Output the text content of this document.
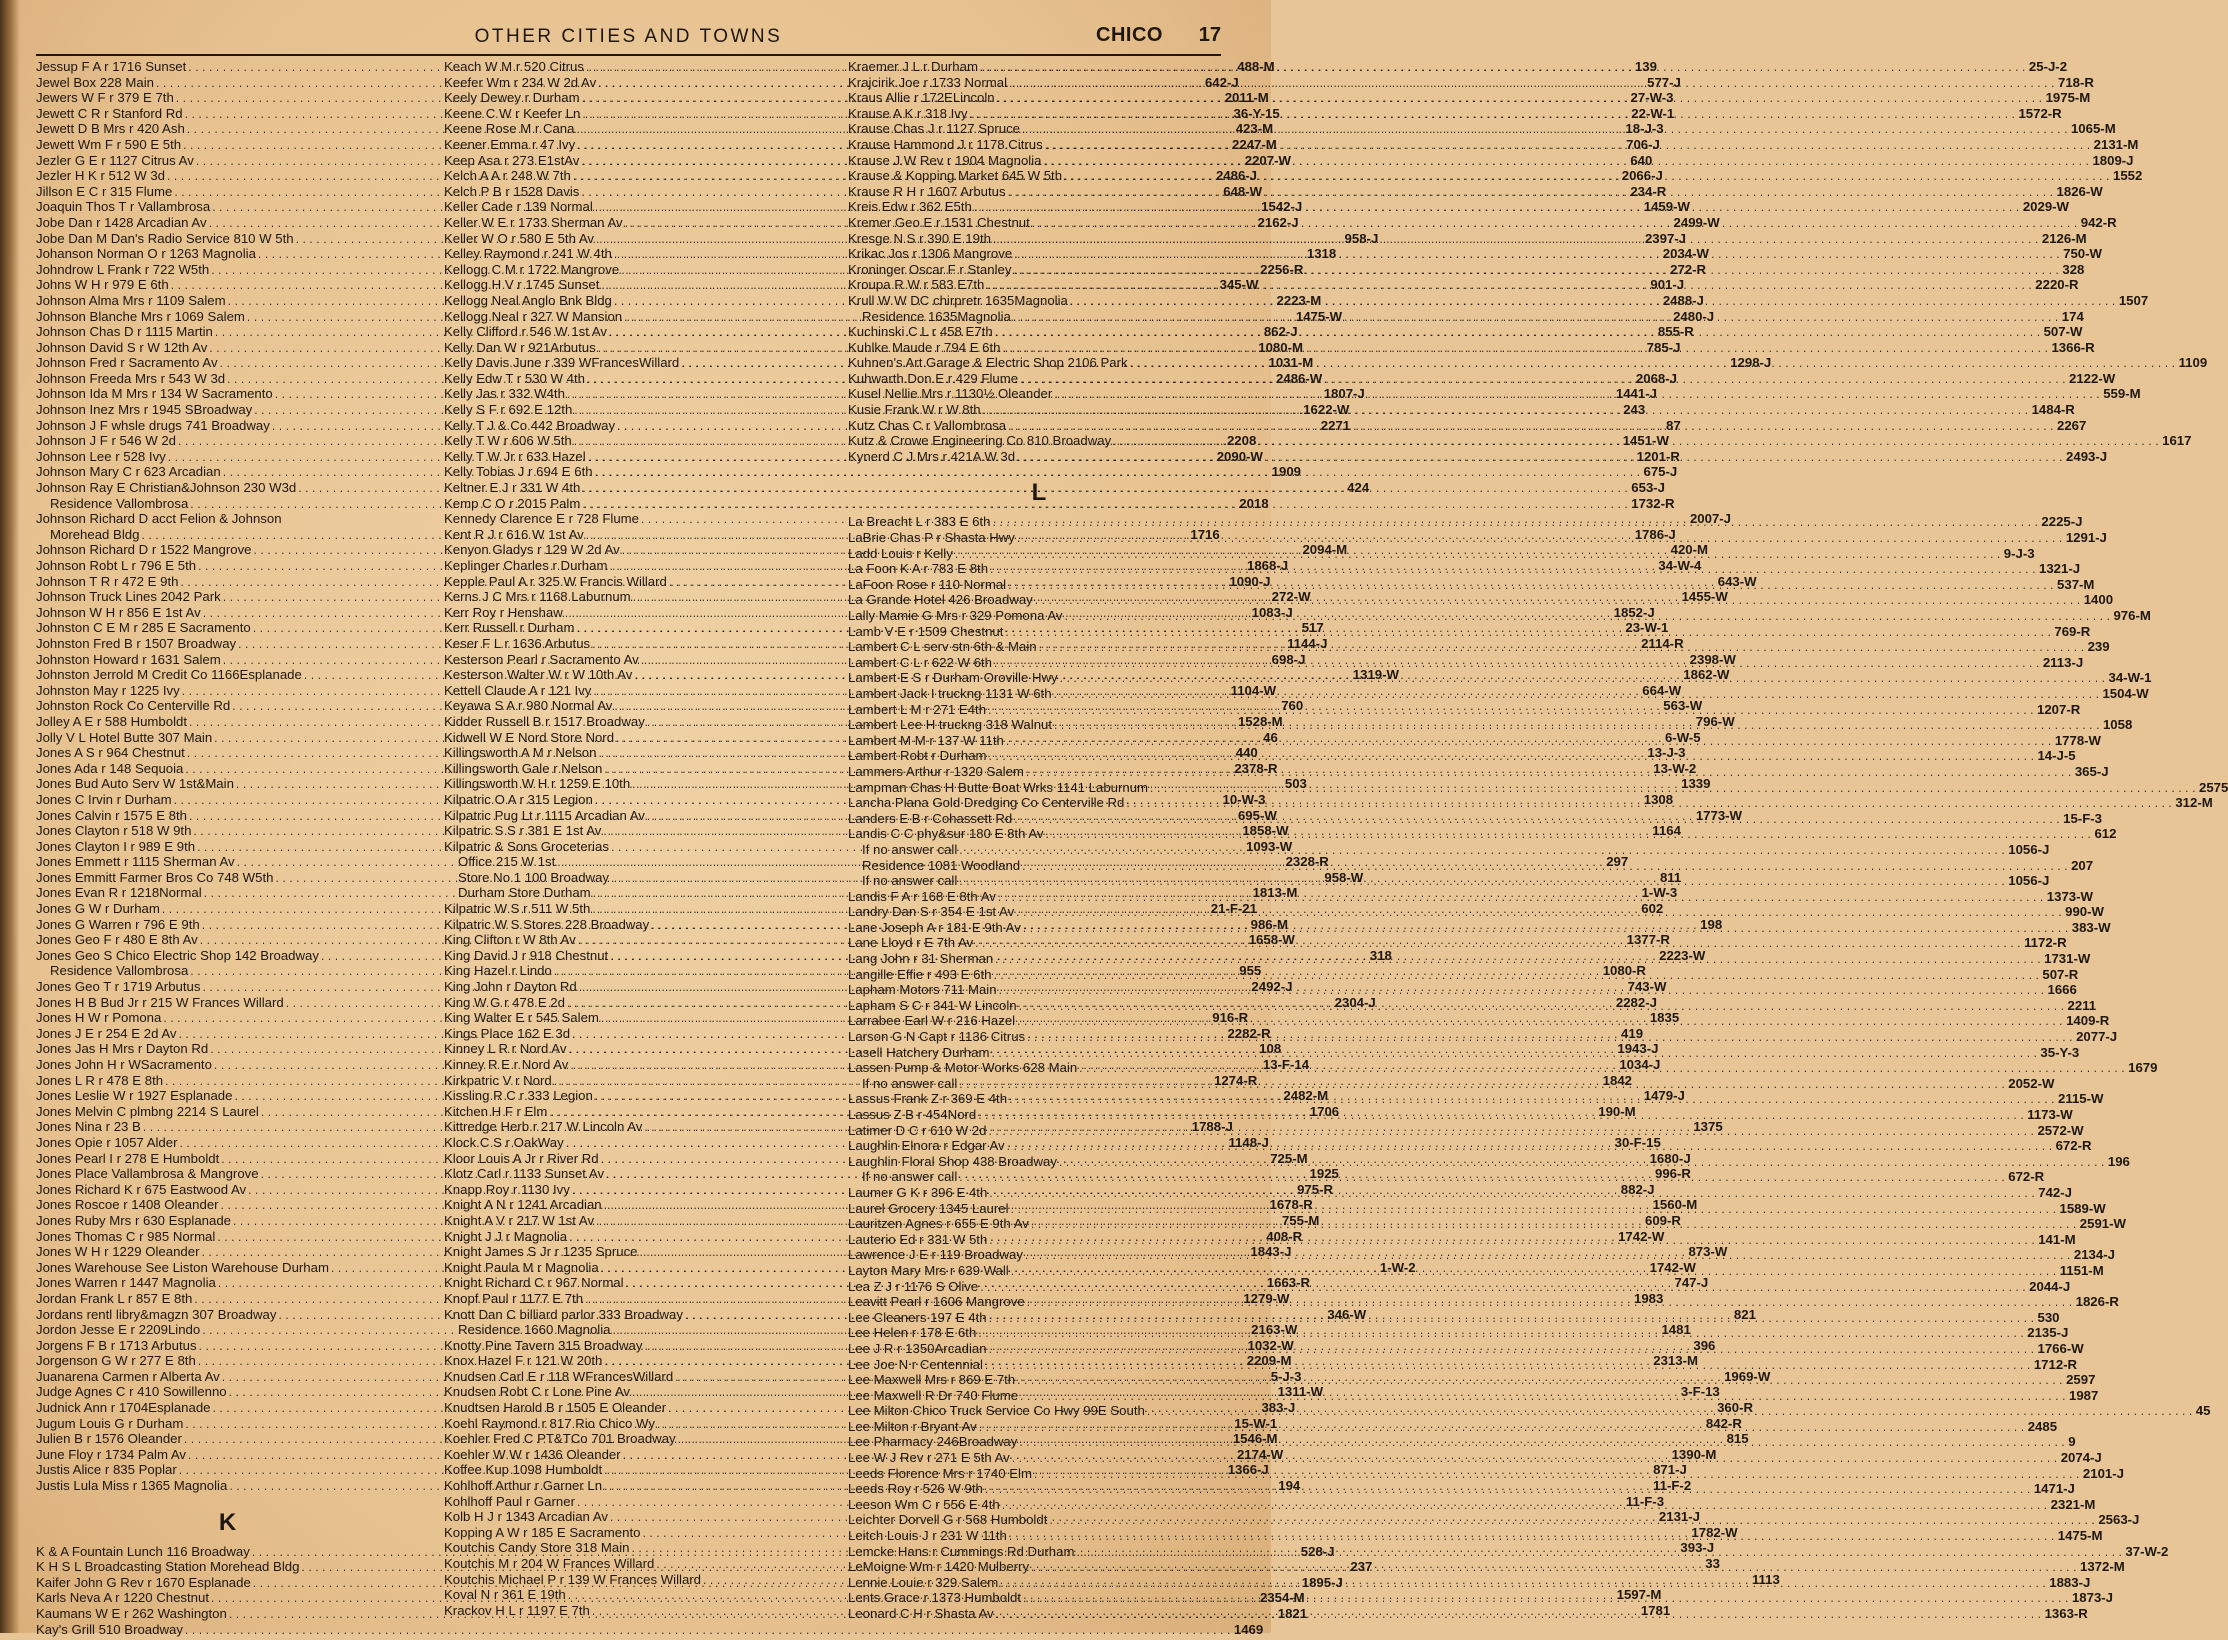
OTHER CITIES AND TOWNS	CHICO 17
Jessup F A r 1716 Sunset .....	488-M
Jewel Box 228 Main .....	642-J
Jewers W F r 379 E 7th .....	2011-M
Jewett C R r Stanford Rd .....	36-Y-15
Jewett D B Mrs r 420 Ash .....	423-M
Jewett Wm F r 590 E 5th .....	2247-M
Jezler G E r 1127 Citrus Av .....	2207-W
Jezler H K r 512 W 3d .....	2486-J
Jillson E C r 315 Flume .....	648-W
Joaquin Thos T r Vallambrosa .....	1542-J
Jobe Dan r 1428 Arcadian Av .....	2162-J
Jobe Dan M Dan's Radio Service 810 W 5th .....	958-J
Johanson Norman O r 1263 Magnolia .....	1318
Johndrow L Frank r 722 W5th .....	2256-R
Johns W H r 979 E 6th .....	345-W
Johnson Alma Mrs r 1109 Salem .....	2223-M
Johnson Blanche Mrs r 1069 Salem .....	1475-W
Johnson Chas D r 1115 Martin .....	862-J
Johnson David S r W 12th Av .....	1080-M
Johnson Fred r Sacramento Av .....	1031-M
Johnson Freeda Mrs r 543 W 3d .....	2486-W
Johnson Ida M Mrs r 134 W Sacramento .....	1807-J
Johnson Inez Mrs r 1945 SBroadway .....	1622-W
Johnson J F whsle drugs 741 Broadway .....	2271
Johnson J F r 546 W 2d .....	2208
Johnson Lee r 528 Ivy .....	2090-W
Johnson Mary C r 623 Arcadian .....	1909
Johnson Ray E Christian&Johnson 230 W3d .....	424
Residence Vallombrosa .....	2018
Johnson Richard D acct Felion & Johnson
Morehead Bldg .....	1716
Johnson Richard D r 1522 Mangrove .....	2094-M
Johnson Robt L r 796 E 5th .....	1868-J
Johnson T R r 472 E 9th .....	1090-J
Johnson Truck Lines 2042 Park .....	272-W
Johnson W H r 856 E 1st Av .....	1083-J
Johnston C E M r 285 E Sacramento .....	517
Johnston Fred B r 1507 Broadway .....	1144-J
Johnston Howard r 1631 Salem .....	698-J
Johnston Jerrold M Credit Co 1166Esplanade .....	1319-W
Johnston May r 1225 Ivy .....	1104-W
Johnston Rock Co Centerville Rd .....	760
Jolley A E r 588 Humboldt .....	1528-M
Jolly V L Hotel Butte 307 Main .....	46
Jones A S r 964 Chestnut .....	440
Jones Ada r 148 Sequoia .....	2378-R
Jones Bud Auto Serv W 1st&Main .....	503
Jones C Irvin r Durham .....	10-W-3
Jones Calvin r 1575 E 8th .....	695-W
Jones Clayton r 518 W 9th .....	1858-W
Jones Clayton I r 989 E 9th .....	1093-W
Jones Emmett r 1115 Sherman Av .....	2328-R
Jones Emmitt Farmer Bros Co 748 W5th .....	958-W
Jones Evan R r 1218Normal .....	1813-M
Jones G W r Durham .....	21-F-21
Jones G Warren r 796 E 9th .....	986-M
Jones Geo F r 480 E 8th Av .....	1658-W
Jones Geo S Chico Electric Shop 142 Broadway .....	318
Residence Vallombrosa .....	955
Jones Geo T r 1719 Arbutus .....	2492-J
Jones H B Bud Jr r 215 W Frances Willard .....	2304-J
Jones H W r Pomona .....	916-R
Jones J E r 254 E 2d Av .....	2282-R
Jones Jas H Mrs r Dayton Rd .....	108
Jones John H r WSacramento .....	13-F-14
Jones L R r 478 E 8th .....	1274-R
Jones Leslie W r 1927 Esplanade .....	2482-M
Jones Melvin C plmbng 2214 S Laurel .....	1706
Jones Nina r 23 B .....	1788-J
Jones Opie r 1057 Alder .....	1148-J
Jones Pearl I r 278 E Humboldt .....	725-M
Jones Place Vallambrosa & Mangrove .....	1925
Jones Richard K r 675 Eastwood Av .....	975-R
Jones Roscoe r 1408 Oleander .....	1678-R
Jones Ruby Mrs r 630 Esplanade .....	755-M
Jones Thomas C r 985 Normal .....	408-R
Jones W H r 1229 Oleander .....	1843-J
Jones Warehouse See Liston Warehouse Durham .....	1-W-2
Jones Warren r 1447 Magnolia .....	1663-R
Jordan Frank L r 857 E 8th .....	1279-W
Jordans rentl libry&magzn 307 Broadway .....	346-W
Jordon Jesse E r 2209Lindo .....	2163-W
Jorgens F B r 1713 Arbutus .....	1032-W
Jorgenson G W r 277 E 8th .....	2209-M
Juanarena Carmen r Alberta Av .....	5-J-3
Judge Agnes C r 410 Sowillenno .....	1311-W
Judnick Ann r 1704Esplanade .....	383-J
Jugum Louis G r Durham .....	15-W-1
Julien B r 1576 Oleander .....	1546-M
June Floy r 1734 Palm Av .....	2174-W
Justis Alice r 835 Poplar .....	1366-J
Justis Lula Miss r 1365 Magnolia .....	194
K
K & A Fountain Lunch 116 Broadway .....	528-J
K H S L Broadcasting Station Morehead Bldg .....	237
Kaifer John G Rev r 1670 Esplanade .....	1895-J
Karls Neva A r 1220 Chestnut .....	2354-M
Kaumans W E r 262 Washington .....	1821
Kay's Grill 510 Broadway .....	1469
Keach W M r 520 Citrus .....	139
Keefer Wm r 234 W 2d Av .....	577-J
Keely Dewey r Durham .....	27-W-3
Keene C W r Keefer Ln .....	22-W-1
Keene Rose M r Cana .....	18-J-3
Keener Emma r 47 Ivy .....	706-J
Keep Asa r 273 E1stAv .....	640
Kelch A A r 248 W 7th .....	2066-J
Kelch P B r 1528 Davis .....	234-R
Keller Cade r 139 Normal .....	1459-W
Keller W E r 1733 Sherman Av .....	2499-W
Keller W O r 580 E 5th Av .....	2397-J
Kelley Raymond r 241 W 4th .....	2034-W
Kellogg C M r 1722 Mangrove .....	272-R
Kellogg H V r 1745 Sunset .....	901-J
Kellogg Neal Anglo Bnk Bldg .....	2488-J
Kellogg Neal r 327 W Mansion .....	2480-J
Kelly Clifford r 546 W 1st Av .....	855-R
Kelly Dan W r 921Arbutus .....	785-J
Kelly Davis June r 339 WFrancesWillard .....	1298-J
Kelly Edw T r 530 W 4th .....	2068-J
Kelly Jas r 332 W4th .....	1441-J
Kelly S F r 692 E 12th .....	243
Kelly T J & Co 442 Broadway .....	87
Kelly T W r 606 W 5th .....	1451-W
Kelly T W Jr r 633 Hazel .....	1201-R
Kelly Tobias J r 694 E 6th .....	675-J
Keltner E J r 331 W 4th .....	653-J
Kemp C O r 2015 Palm .....	1732-R
Kennedy Clarence E r 728 Flume .....	2007-J
Kent R J r 616 W 1st Av .....	1786-J
Kenyon Gladys r 129 W 2d Av .....	420-M
Keplinger Charles r Durham .....	34-W-4
Kepple Paul A r 325 W Francis Willard .....	643-W
Kerns J C Mrs r 1168 Laburnum .....	1455-W
Kerr Roy r Henshaw .....	1852-J
Kerr Russell r Durham .....	23-W-1
Keser F L r 1636 Arbutus .....	2114-R
Kesterson Pearl r Sacramento Av .....	2398-W
Kesterson Walter W r W 10th Av .....	1862-W
Kettell Claude A r 121 Ivy .....	664-W
Keyawa S A r 980 Normal Av .....	563-W
Kidder Russell B r 1517 Broadway .....	796-W
Kidwell W E Nord Store Nord .....	6-W-5
Killingsworth A M r Nelson .....	13-J-3
Killingsworth Gale r Nelson .....	13-W-2
Killingsworth W H r 1259 E 10th .....	1339
Kilpatric O A r 315 Legion .....	1308
Kilpatric Pug Lt r 1115 Arcadian Av .....	1773-W
Kilpatric S S r 381 E 1st Av .....	1164
Kilpatric & Sons Groceterias
Office 215 W 1st .....	297
Store No 1 100 Broadway .....	811
Durham Store Durham .....	1-W-3
Kilpatric W S r 511 W 5th .....	602
Kilpatric W S Stores 228 Broadway .....	198
King Clifton r W 8th Av .....	1377-R
King David J r 918 Chestnut .....	2223-W
King Hazel r Lindo .....	1080-R
King John r Dayton Rd .....	743-W
King W G r 478 E 2d .....	2282-J
King Walter E r 545 Salem .....	1835
Kings Place 162 E 3d .....	419
Kinney L R r Nord Av .....	1943-J
Kinney R E r Nord Av .....	1034-J
Kirkpatric V r Nord .....	1842
Kissling R C r 333 Legion .....	1479-J
Kitchen H F r Elm .....	190-M
Kittredge Herb r 217 W Lincoln Av .....	1375
Klock C S r OakWay .....	30-F-15
Kloor Louis A Jr r River Rd .....	1680-J
Klotz Carl r 1133 Sunset Av .....	996-R
Knapp Roy r 1130 Ivy .....	882-J
Knight A N r 1241 Arcadian .....	1560-M
Knight A V r 217 W 1st Av .....	609-R
Knight J J r Magnolia .....	1742-W
Knight James S Jr r 1235 Spruce .....	873-W
Knight Paula M r Magnolia .....	1742-W
Knight Richard C r 967 Normal .....	747-J
Knopf Paul r 1177 E 7th .....	1983
Knott Dan C billiard parlor 333 Broadway .....	821
Residence 1660 Magnolia .....	1481
Knotty Pine Tavern 315 Broadway .....	396
Knox Hazel F r 121 W 20th .....	2313-M
Knudsen Carl E r 118 WFrancesWillard .....	1969-W
Knudsen Robt C r Lone Pine Av .....	3-F-13
Knudtsen Harold B r 1505 E Oleander .....	360-R
Koehl Raymond r 817 Rio Chico Wy .....	842-R
Koehler Fred C PT&TCo 701 Broadway .....	815
Koehler W W r 1436 Oleander .....	1390-M
Koffee Kup 1098 Humboldt .....	871-J
Kohlhoff Arthur r Garner Ln .....	11-F-2
Kohlhoff Paul r Garner .....	11-F-3
Kolb H J r 1343 Arcadian Av .....	2131-J
Kopping A W r 185 E Sacramento .....	1782-W
Koutchis Candy Store 318 Main .....	393-J
Koutchis M r 204 W Frances Willard .....	33
Koutchis Michael P r 139 W Frances Willard .....	1113
Koval N r 361 E 19th .....	1597-M
Krackov H L r 1197 E 7th .....	1781
Kraemer J L r Durham .....	25-J-2
Krajcirik Joe r 1733 Normal .....	718-R
Kraus Allie r 172ELincoln .....	1975-M
Krause A K r 318 Ivy .....	1572-R
Krause Chas J r 1127 Spruce .....	1065-M
Krause Hammond J r 1178 Citrus .....	2131-M
Krause J W Rev r 1904 Magnolia .....	1809-J
Krause & Kopping Market 645 W 5th .....	1552
Krause R H r 1607 Arbutus .....	1826-W
Kreis Edw r 362 E5th .....	2029-W
Kremer Geo E r 1531 Chestnut .....	942-R
Kresge N S r 390 E 19th .....	2126-M
Krikac Jos r 1306 Mangrove .....	750-W
Kroninger Oscar F r Stanley .....	328
Kroupa R W r 583 E7th .....	2220-R
Krull W W DC chirpretr 1635Magnolia .....	1507
Residence 1635Magnolia .....	174
Kuchinski C L r 458 E7th .....	507-W
Kuhlke Maude r 794 E 6th .....	1366-R
Kuhnen's Art Garage & Electric Shop 2106 Park .....	1109
Kuhwarth Don E r 429 Flume .....	2122-W
Kusel Nellie Mrs r 1130½ Oleander .....	559-M
Kusie Frank W r W 8th .....	1484-R
Kutz Chas C r Vallombrosa .....	2267
Kutz & Crowe Engineering Co 810 Broadway .....	1617
Kynerd C J Mrs r 421A W 3d .....	2493-J
L
La Breacht L r 383 E 6th .....	2225-J
LaBrie Chas P r Shasta Hwy .....	1291-J
Ladd Louis r Kelly .....	9-J-3
La Foon K A r 783 E 8th .....	1321-J
LaFoon Rose r 110 Normal .....	537-M
La Grande Hotel 426 Broadway .....	1400
Lally Mamie G Mrs r 329 Pomona Av .....	976-M
Lamb V E r 1509 Chestnut .....	769-R
Lambert C L serv stn 6th & Main .....	239
Lambert C L r 622 W 6th .....	2113-J
Lambert E S r Durham Oroville Hwy .....	34-W-1
Lambert Jack I truckng 1131 W 6th .....	1504-W
Lambert L M r 271 E4th .....	1207-R
Lambert Lee H truckng 318 Walnut .....	1058
Lambert M M r 137 W 11th .....	1778-W
Lambert Robt r Durham .....	14-J-5
Lammers Arthur r 1320 Salem .....	365-J
Lampman Chas H Butte Boat Wrks 1141 Laburnum .....	2575
Lancha Plana Gold Dredging Co Centerville Rd .....	312-M
Landers E B r Cohassett Rd .....	15-F-3
Landis C C phy&sur 180 E 8th Av .....	612
If no answer call .....	1056-J
Residence 1081 Woodland .....	207
If no answer call .....	1056-J
Landis F A r 168 E 8th Av .....	1373-W
Landry Dan S r 354 E 1st Av .....	990-W
Lane Joseph A r 181 E 9th Av .....	383-W
Lane Lloyd r E 7th Av .....	1172-R
Lang John r 31 Sherman .....	1731-W
Langille Effie r 493 E 6th .....	507-R
Lapham Motors 711 Main .....	1666
Lapham S C r 341 W Lincoln .....	2211
Larrabee Earl W r 216 Hazel .....	1409-R
Larson G N Capt r 1136 Citrus .....	2077-J
Lasell Hatchery Durham .....	35-Y-3
Lassen Pump & Motor Works 628 Main .....	1679
If no answer call .....	2052-W
Lassus Frank Z r 369 E 4th .....	2115-W
Lassus Z B r 454Nord .....	1173-W
Latimer D C r 610 W 2d .....	2572-W
Laughlin Elnora r Edgar Av .....	672-R
Laughlin Floral Shop 438 Broadway .....	196
If no answer call .....	672-R
Laumer G K r 396 E 4th .....	742-J
Laurel Grocery 1345 Laurel .....	1589-W
Lauritzen Agnes r 655 E 9th Av .....	2591-W
Lauterio Ed r 331 W 5th .....	141-M
Lawrence J E r 119 Broadway .....	2134-J
Layton Mary Mrs r 639 Wall .....	1151-M
Lea Z J r 1176 S Olive .....	2044-J
Leavitt Pearl r 1606 Mangrove .....	1826-R
Lee Cleaners 197 E 4th .....	530
Lee Helen r 178 E 6th .....	2135-J
Lee J R r 1350Arcadian .....	1766-W
Lee Joe N r Centennial .....	1712-R
Lee Maxwell Mrs r 869 E 7th .....	2597
Lee Maxwell R Dr 740 Flume .....	1987
Lee Milton Chico Truck Service Co Hwy 99E South .....	45
Lee Milton r Bryant Av .....	2485
Lee Pharmacy 246Broadway .....	9
Lee W J Rev r 271 E 5th Av .....	2074-J
Leeds Florence Mrs r 1740 Elm .....	2101-J
Leeds Roy r 526 W 9th .....	1471-J
Leeson Wm C r 556 E 4th .....	2321-M
Leichter Dorvell G r 568 Humboldt .....	2563-J
Leitch Louis J r 231 W 11th .....	1475-M
Lemcke Hans r Cummings Rd Durham .....	37-W-2
LeMoigne Wm r 1420 Mulberry .....	1372-M
Lennie Louie r 329 Salem .....	1883-J
Lents Grace r 1373 Humboldt .....	1873-J
Leonard C H r Shasta Av .....	1363-R
